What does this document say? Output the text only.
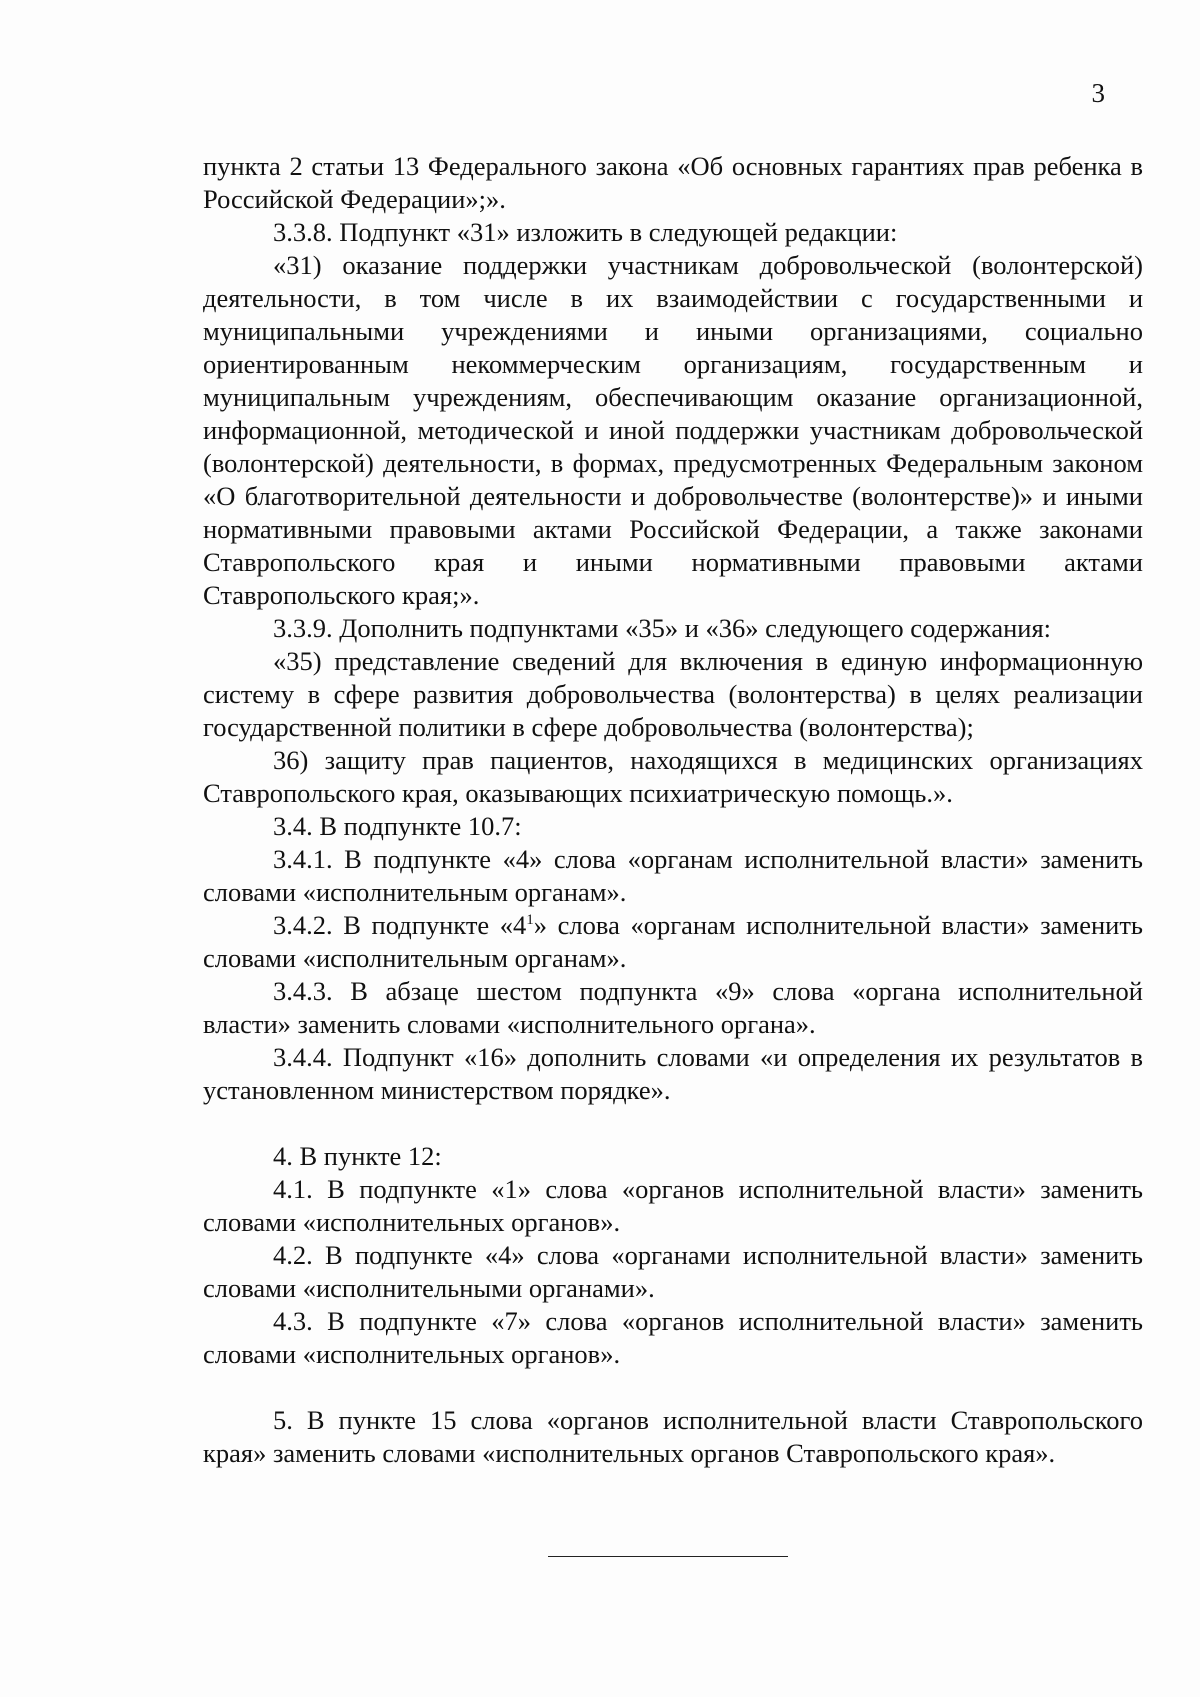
3

пункта 2 статьи 13 Федерального закона «Об основных гарантиях прав ребенка в Российской Федерации»;».

3.3.8. Подпункт «31» изложить в следующей редакции:

«31) оказание поддержки участникам добровольческой (волонтерской) деятельности, в том числе в их взаимодействии с государственными и муниципальными учреждениями и иными организациями, социально ориентированным некоммерческим организациям, государственным и муниципальным учреждениям, обеспечивающим оказание организационной, информационной, методической и иной поддержки участникам добровольческой (волонтерской) деятельности, в формах, предусмотренных Федеральным законом «О благотворительной деятельности и добровольчестве (волонтерстве)» и иными нормативными правовыми актами Российской Федерации, а также законами Ставропольского края и иными нормативными правовыми актами Ставропольского края;».

3.3.9. Дополнить подпунктами «35» и «36» следующего содержания:

«35) представление сведений для включения в единую информационную систему в сфере развития добровольчества (волонтерства) в целях реализации государственной политики в сфере добровольчества (волонтерства);

36) защиту прав пациентов, находящихся в медицинских организациях Ставропольского края, оказывающих психиатрическую помощь.».

3.4. В подпункте 10.7:

3.4.1. В подпункте «4» слова «органам исполнительной власти» заменить словами «исполнительным органам».

3.4.2. В подпункте «$4^1$» слова «органам исполнительной власти» заменить словами «исполнительным органам».

3.4.3. В абзаце шестом подпункта «9» слова «органа исполнительной власти» заменить словами «исполнительного органа».

3.4.4. Подпункт «16» дополнить словами «и определения их результатов в установленном министерством порядке».

4. В пункте 12:

4.1. В подпункте «1» слова «органов исполнительной власти» заменить словами «исполнительных органов».

4.2. В подпункте «4» слова «органами исполнительной власти» заменить словами «исполнительными органами».

4.3. В подпункте «7» слова «органов исполнительной власти» заменить словами «исполнительных органов».

5. В пункте 15 слова «органов исполнительной власти Ставропольского края» заменить словами «исполнительных органов Ставропольского края».
